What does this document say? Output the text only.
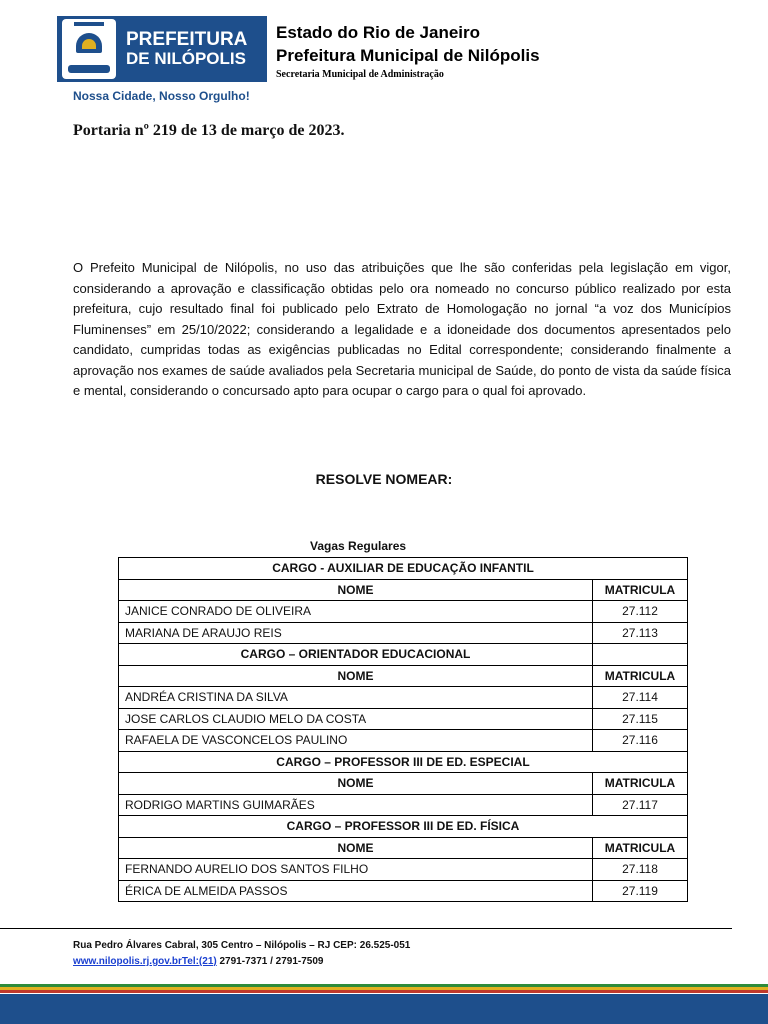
PREFEITURA
DE NILÓPOLIS
Nossa Cidade, Nosso Orgulho!
Estado do Rio de Janeiro
Prefeitura Municipal de Nilópolis
Secretaria Municipal de Administração
Portaria nº 219 de 13 de março de 2023.
O Prefeito Municipal de Nilópolis, no uso das atribuições que lhe são conferidas pela legislação em vigor, considerando a aprovação e classificação obtidas pelo ora nomeado no concurso público realizado por esta prefeitura, cujo resultado final foi publicado pelo Extrato de Homologação no jornal “a voz dos Municípios Fluminenses” em 25/10/2022; considerando a legalidade e a idoneidade dos documentos apresentados pelo candidato, cumpridas todas as exigências publicadas no Edital correspondente; considerando finalmente a aprovação nos exames de saúde avaliados pela Secretaria municipal de Saúde, do ponto de vista da saúde física e mental, considerando o concursado apto para ocupar o cargo para o qual foi aprovado.
RESOLVE NOMEAR:
Vagas Regulares
CARGO - AUXILIAR DE EDUCAÇÃO INFANTIL	
NOME	MATRICULA
JANICE CONRADO DE OLIVEIRA	27.112
MARIANA DE ARAUJO REIS	27.113
CARGO – ORIENTADOR EDUCACIONAL	
NOME	MATRICULA
ANDRÉA CRISTINA DA SILVA	27.114
JOSE CARLOS CLAUDIO MELO DA COSTA	27.115
RAFAELA DE VASCONCELOS PAULINO	27.116
CARGO – PROFESSOR III DE ED. ESPECIAL	
NOME	MATRICULA
RODRIGO MARTINS GUIMARÃES	27.117
CARGO – PROFESSOR III DE ED. FÍSICA	
NOME	MATRICULA
FERNANDO AURELIO DOS SANTOS FILHO	27.118
ÉRICA DE ALMEIDA PASSOS	27.119
Rua Pedro Álvares Cabral, 305 Centro – Nilópolis – RJ CEP: 26.525-051
www.nilopolis.rj.gov.brTel:(21) 2791-7371 / 2791-7509
